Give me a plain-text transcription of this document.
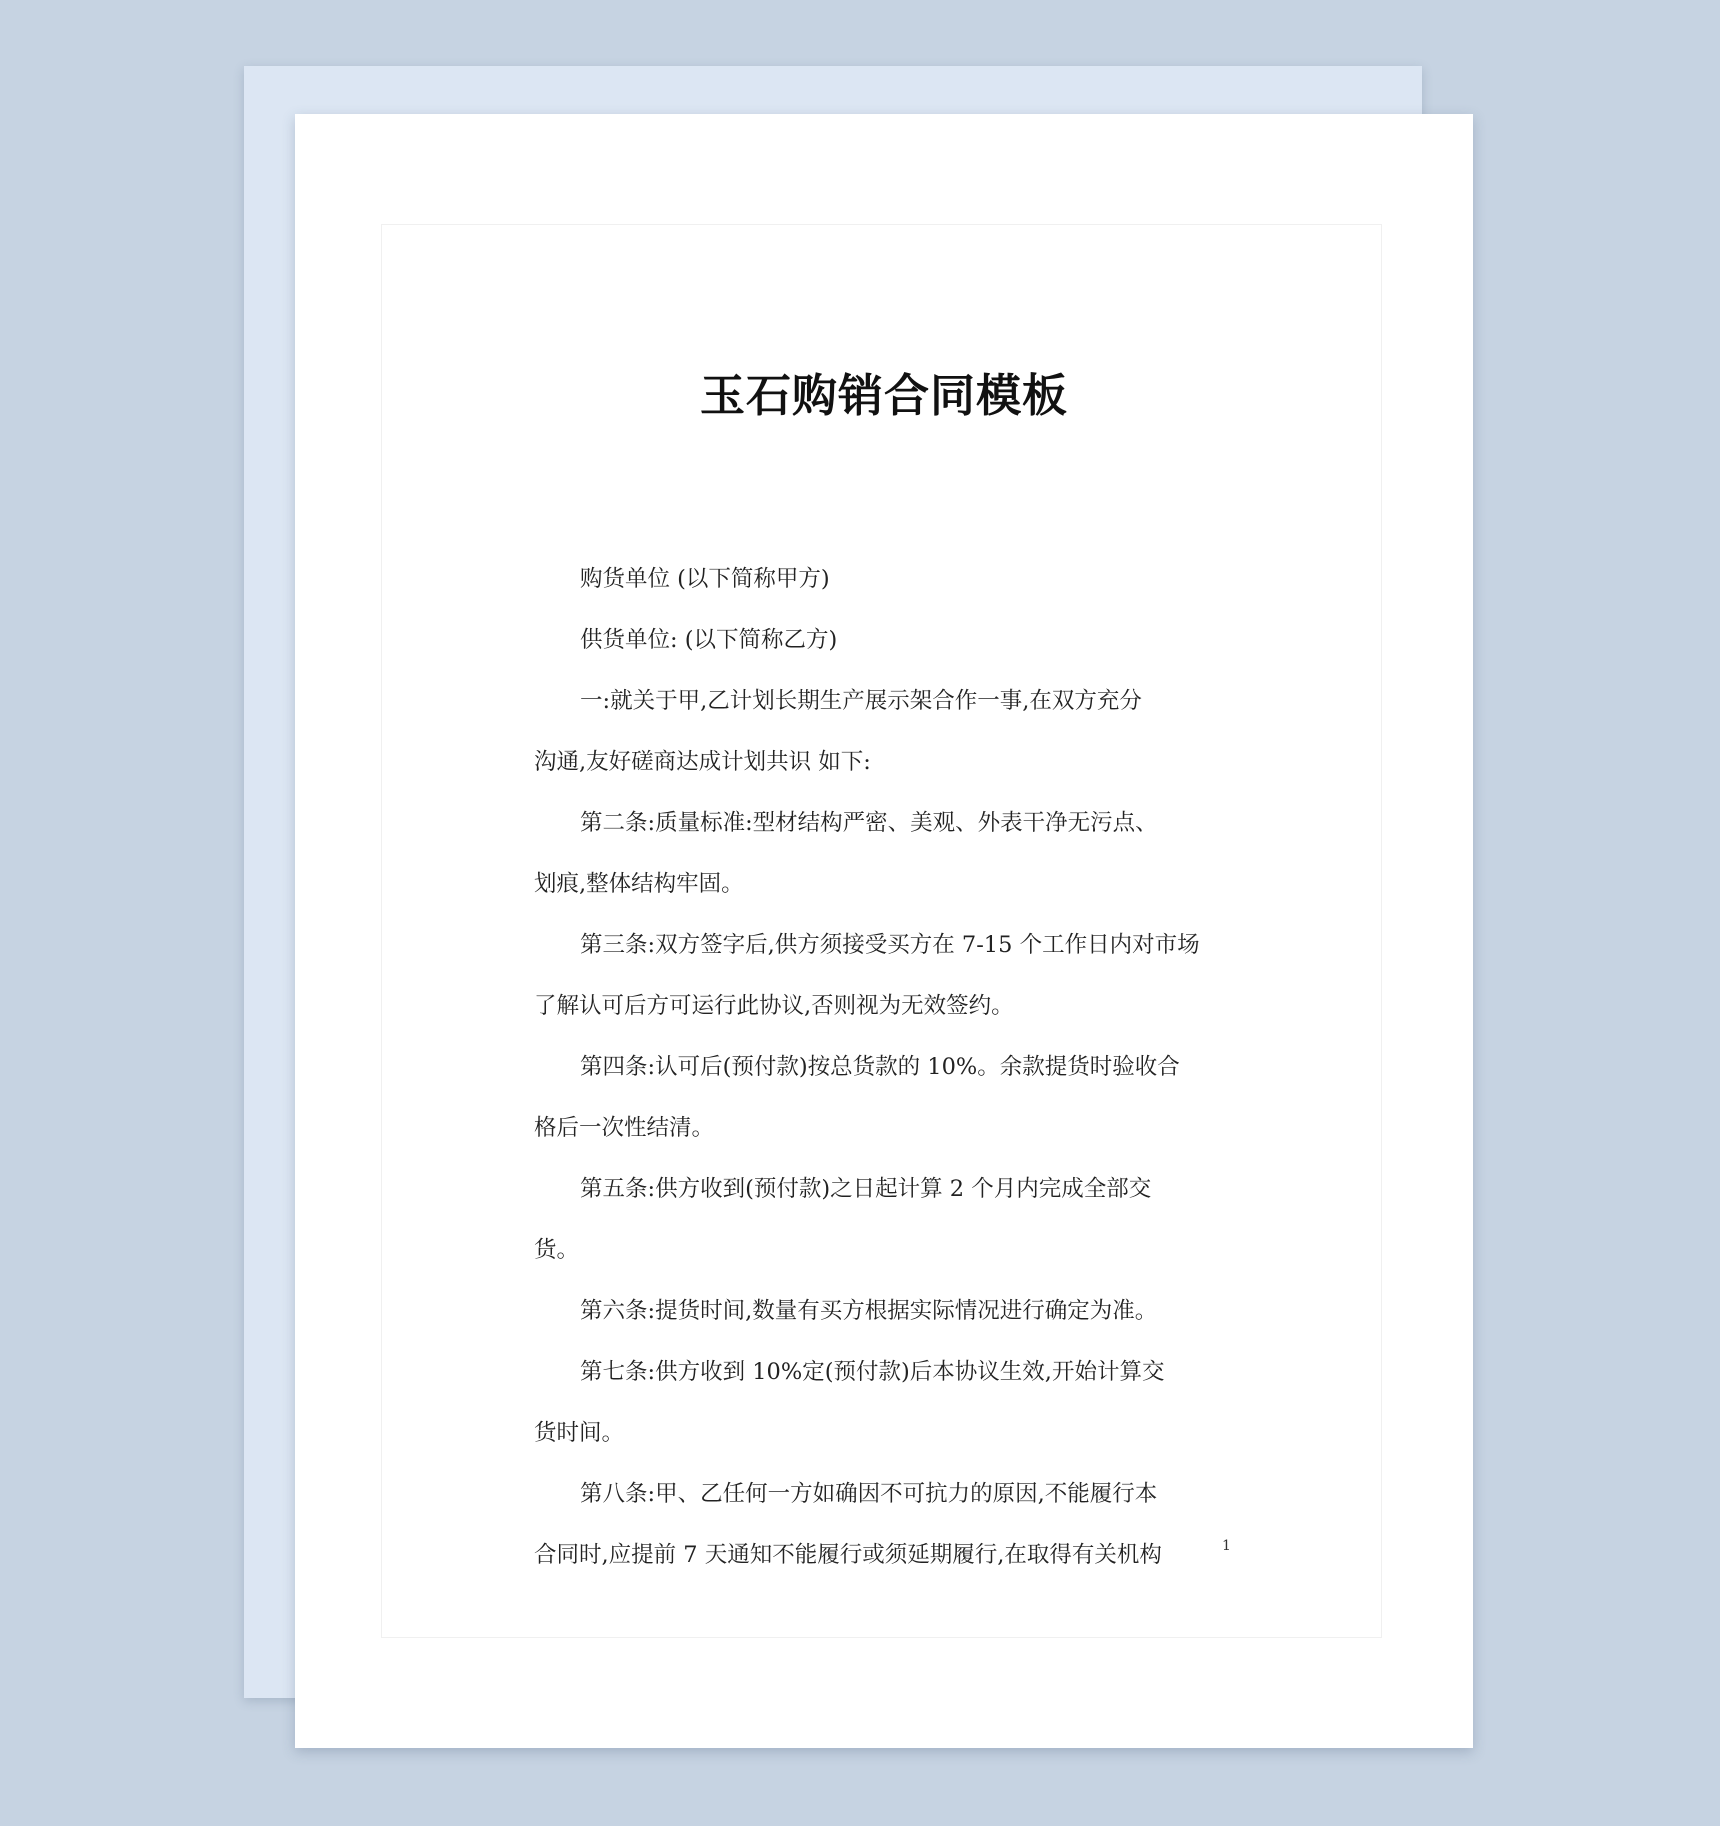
玉石购销合同模板

购货单位 (以下简称甲方)

供货单位: (以下简称乙方)

一:就关于甲,乙计划长期生产展示架合作一事,在双方充分
沟通,友好磋商达成计划共识 如下:

第二条:质量标准:型材结构严密、美观、外表干净无污点、
划痕,整体结构牢固。

第三条:双方签字后,供方须接受买方在 7-15 个工作日内对市场
了解认可后方可运行此协议,否则视为无效签约。

第四条:认可后(预付款)按总货款的 10%。余款提货时验收合
格后一次性结清。

第五条:供方收到(预付款)之日起计算 2 个月内完成全部交
货。

第六条:提货时间,数量有买方根据实际情况进行确定为准。

第七条:供方收到 10%定(预付款)后本协议生效,开始计算交
货时间。

第八条:甲、乙任何一方如确因不可抗力的原因,不能履行本
合同时,应提前 7 天通知不能履行或须延期履行,在取得有关机构	1
